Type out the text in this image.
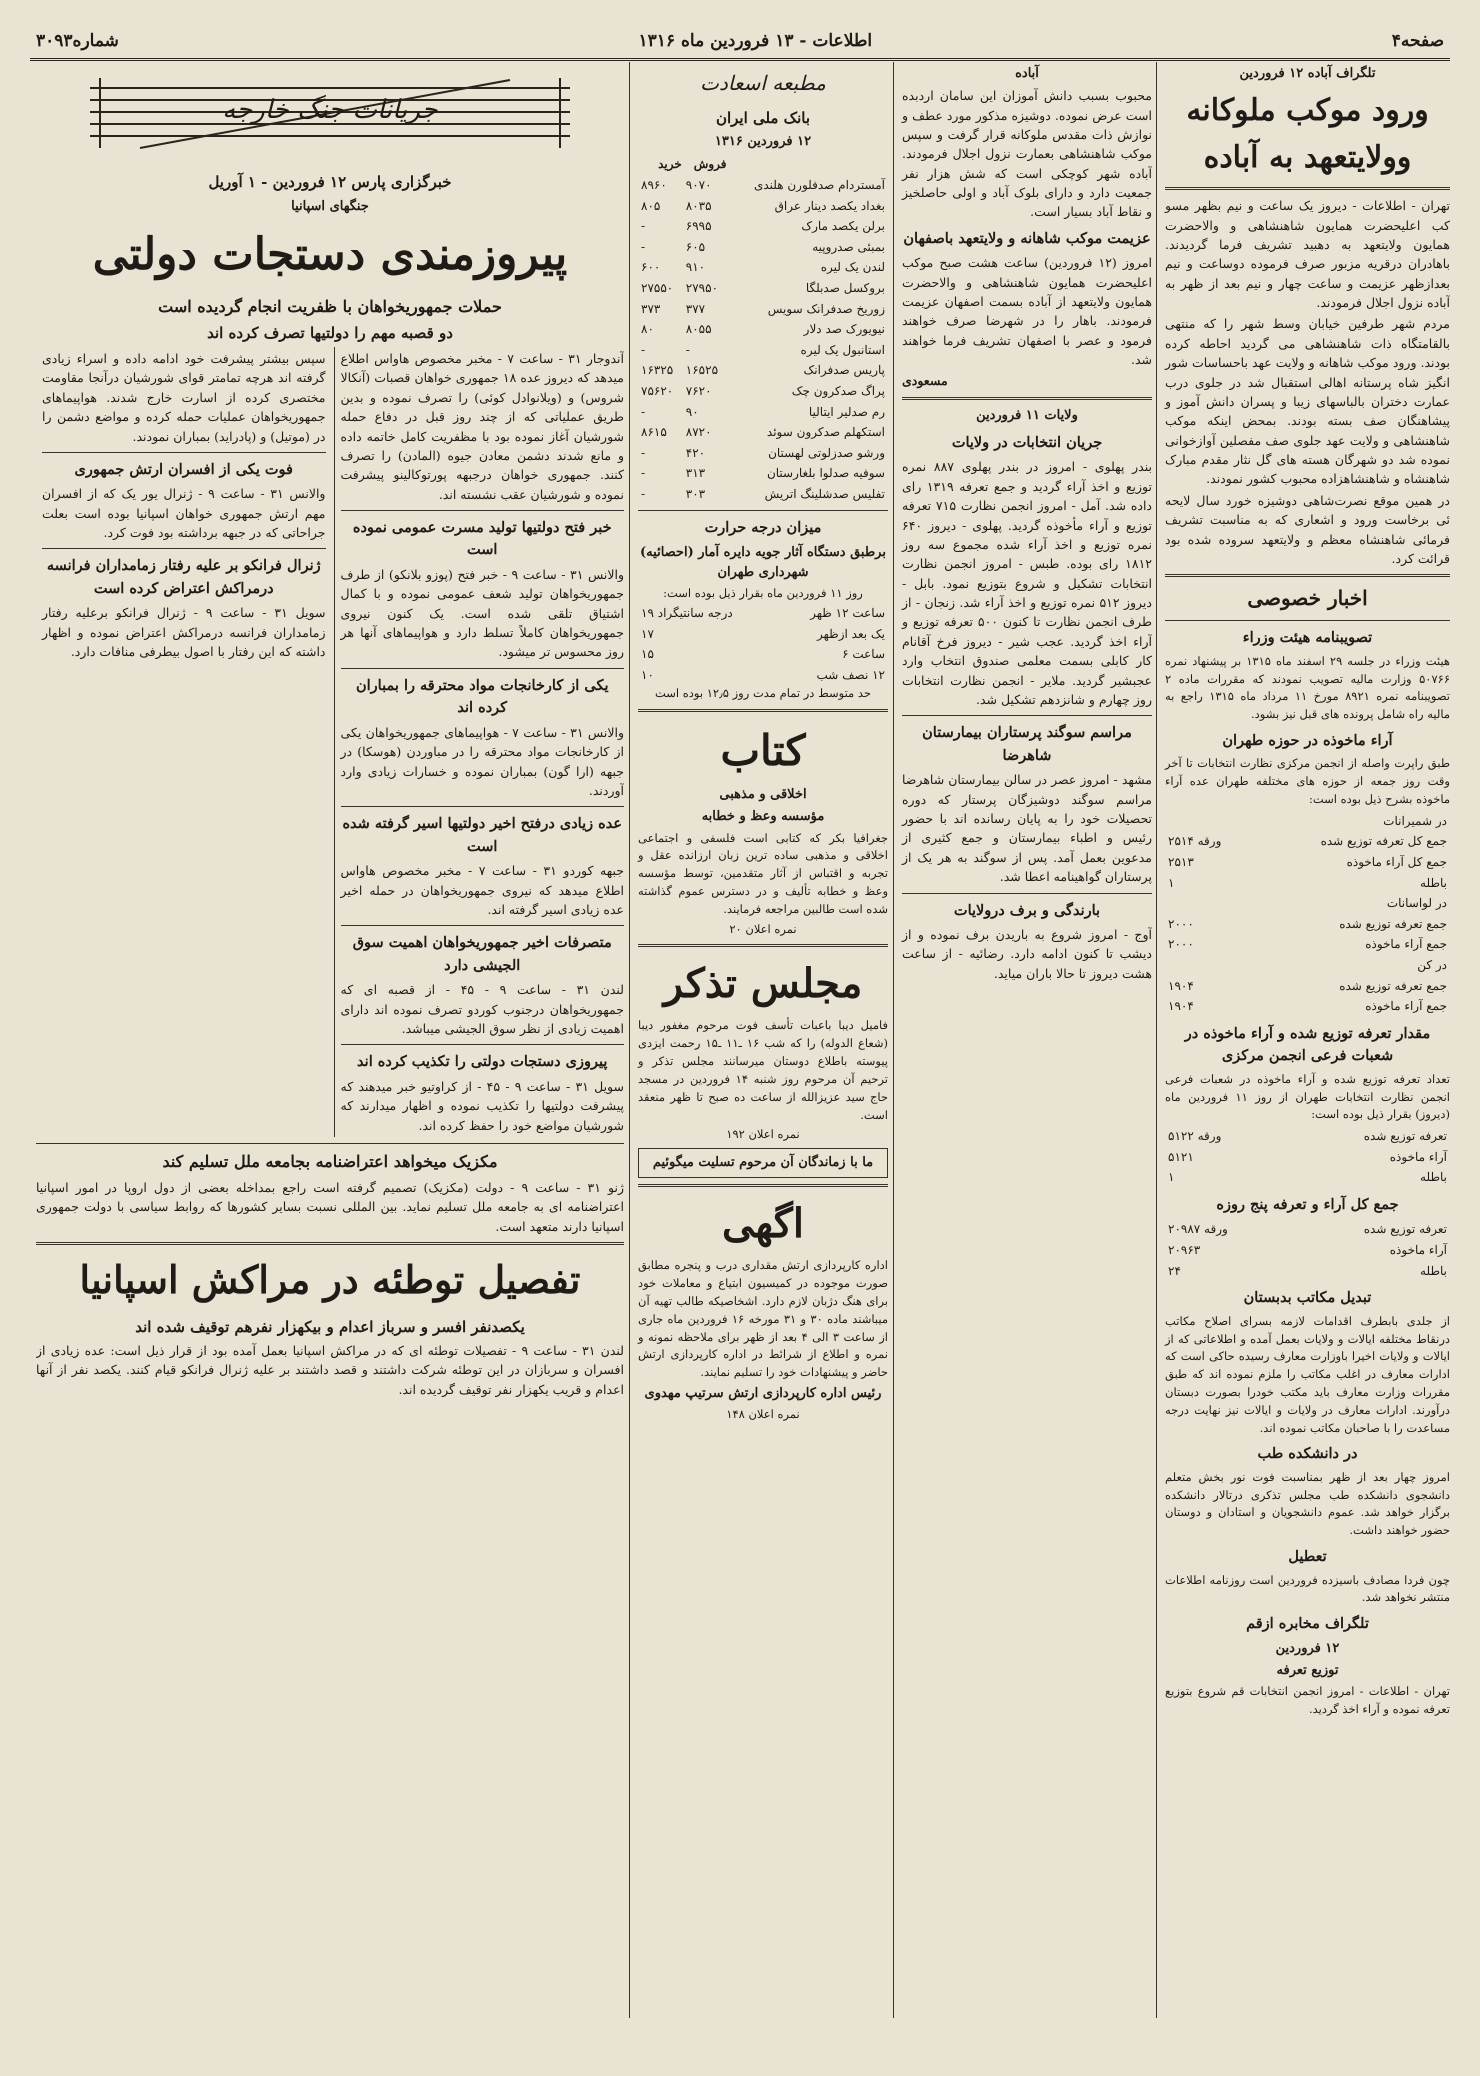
صفحه۴
اطلاعات - ۱۳ فروردین ماه ۱۳۱۶
شماره۳۰۹۳
تلگراف آباده ۱۲ فروردین
ورود موکب ملوکانه وولایتعهد به آباده

تهران - اطلاعات - دیروز یک ساعت و نیم بظهر مسو کب اعلیحضرت همایون شاهنشاهی و والاحضرت همایون ولایتعهد به دهبید تشریف فرما گردیدند. باهادران درقریه مزبور صرف فرموده دوساعت و نیم بعدازظهر عزیمت و ساعت چهار و نیم بعد از ظهر به آباده نزول اجلال فرمودند.

مردم شهر طرفین خیابان وسط شهر را که منتهی بالقامتگاه ذات شاهنشاهی می گردید احاطه کرده بودند. ورود موکب شاهانه و ولایت عهد باحساسات شور انگیز شاه پرستانه اهالی استقبال شد در جلوی درب عمارت دختران بالباسهای زیبا و پسران دانش آموز و پیشاهنگان صف بسته بودند. بمحض اینکه موکب شاهنشاهی و ولایت عهد جلوی صف مفصلین آوازخوانی نموده شد دو شهرگان هسته های گل نثار مقدم مبارک شاهنشاه و شاهنشاهزاده محبوب کشور نمودند.

در همین موقع نصرت‌شاهی دوشیزه خورد سال لایحه ئی برخاست ورود و اشعاری که به مناسبت تشریف فرمائی شاهنشاه معظم و ولایتعهد سروده شده بود قرائت کرد.

اخبار خصوصی
تصویبنامه هیئت وزراء

هیئت وزراء در جلسه ۲۹ اسفند ماه ۱۳۱۵ بر پیشنهاد نمره ۵۰۷۶۶ وزارت مالیه تصویب نمودند که مقررات ماده ۲ تصویبنامه نمره ۸۹۲۱ مورخ ۱۱ مرداد ماه ۱۳۱۵ راجع به مالیه راه شامل پرونده های قبل نیز بشود.

آراء ماخوذه در حوزه طهران

طبق راپرت واصله از انجمن مرکزی نظارت انتخابات تا آخر وقت روز جمعه از حوزه های مختلفه طهران عده آراء ماخوذه بشرح ذیل بوده است:

در شمیرانات	
جمع کل تعرفه توزیع شده	۲۵۱۴ ورقه
جمع کل آراء ماخوذه	۲۵۱۳
باطله	۱
در لواسانات	
جمع تعرفه توزیع شده	۲۰۰۰
جمع آراء ماخوذه	۲۰۰۰
در کن	
جمع تعرفه توزیع شده	۱۹۰۴
جمع آراء ماخوذه	۱۹۰۴
مقدار تعرفه توزیع شده و آراء ماخوذه در شعبات فرعی انجمن مرکزی

تعداد تعرفه توزیع شده و آراء ماخوذه در شعبات فرعی انجمن نظارت انتخابات طهران از روز ۱۱ فروردین ماه (دیروز) بقرار ذیل بوده است:

تعرفه توزیع شده	۵۱۲۲ ورقه
آراء ماخوذه	۵۱۲۱
باطله	۱
جمع کل آراء و تعرفه پنج روزه
تعرفه توزیع شده	۲۰۹۸۷ ورقه
آراء ماخوذه	۲۰۹۶۳
باطله	۲۴
تبدیل مکاتب بدبستان

از جلدی بابطرف اقدامات لازمه بسرای اصلاح مکاتب درنقاط مختلفه ایالات و ولایات بعمل آمده و اطلاعاتی که از ایالات و ولایات اخیرا باوزارت معارف رسیده حاکی است که ادارات معارف در اغلب مکاتب را ملزم نموده اند که طبق مقررات وزارت معارف باید مکتب خودرا بصورت دبستان درآورند. ادارات معارف در ولایات و ایالات نیز نهایت درجه مساعدت را با صاحبان مکاتب نموده اند.

در دانشکده طب

امروز چهار بعد از ظهر بمناسبت فوت نور بخش متعلم دانشجوی دانشکده طب مجلس تذکری درتالار دانشکده برگزار خواهد شد. عموم دانشجویان و استادان و دوستان حضور خواهند داشت.

تعطیل

چون فردا مصادف باسیزده فروردین است روزنامه اطلاعات منتشر نخواهد شد.

تلگراف مخابره ازقم
۱۲ فروردین
توزیع تعرفه

تهران - اطلاعات - امروز انجمن انتخابات قم شروع بتوزیع تعرفه نموده و آراء اخذ گردید.

آباده

محبوب بسبب دانش آموزان این سامان اردبده است عرض نموده. دوشیزه مذکور مورد عطف و نوازش ذات مقدس ملوکانه قرار گرفت و سپس موکب شاهنشاهی بعمارت نزول اجلال فرمودند. آباده شهر کوچکی است که شش هزار نفر جمعیت دارد و دارای بلوک آباد و اولی حاصلخیز و نقاط آباد بسیار است.

عزیمت موکب شاهانه و ولایتعهد باصفهان

امروز (۱۲ فروردین) ساعت هشت صبح موکب اعلیحضرت همایون شاهنشاهی و والاحضرت همایون ولایتعهد از آباده بسمت اصفهان عزیمت فرمودند. باهار را در شهرضا صرف خواهند فرمود و عصر با اصفهان تشریف فرما خواهند شد.

مسعودی
ولایات ۱۱ فروردین
جریان انتخابات در ولایات

بندر پهلوی - امروز در بندر پهلوی ۸۸۷ نمره توزیع و اخذ آراء گردید و جمع تعرفه ۱۳۱۹ رای داده شد. آمل - امروز انجمن نظارت ۷۱۵ تعرفه توزیع و آراء مأخوذه گردید. پهلوی - دیروز ۶۴۰ نمره توزیع و اخذ آراء شده مجموع سه روز ۱۸۱۲ رای بوده. طبس - امروز انجمن نظارت انتخابات تشکیل و شروع بتوزیع نمود. بابل - دیروز ۵۱۲ نمره توزیع و اخذ آراء شد. زنجان - از طرف انجمن نظارت تا کنون ۵۰۰ تعرفه توزیع و آراء اخذ گردید. عجب شیر - دیروز فرخ آقانام کار کابلی بسمت معلمی صندوق انتخاب وارد عجبشیر گردید. ملایر - انجمن نظارت انتخابات روز چهارم و شانزدهم تشکیل شد.

مراسم سوگند پرستاران بیمارستان شاهرضا

مشهد - امروز عصر در سالن بیمارستان شاهرضا مراسم سوگند دوشیزگان پرستار که دوره تحصیلات خود را به پایان رسانده اند با حضور رئیس و اطباء بیمارستان و جمع کثیری از مدعوین بعمل آمد. پس از سوگند به هر یک از پرستاران گواهینامه اعطا شد.

بارندگی و برف درولایات

آوج - امروز شروع به باریدن برف نموده و از دیشب تا کنون ادامه دارد. رضائیه - از ساعت هشت دیروز تا حالا باران میاید.

مطبعه اسعادت
بانک ملی ایران
۱۲ فروردین ۱۳۱۶
	فروش	خرید
آمستردام صدفلورن هلندی	۹۰۷۰	۸۹۶۰
بغداد یکصد دینار عراق	۸۰۳۵	۸۰۵
برلن یکصد مارک	۶۹۹۵	-
بمبئی صدروپیه	۶۰۵	-
لندن یک لیره	۹۱۰	۶۰۰
بروکسل صدبلگا	۲۷۹۵۰	۲۷۵۵۰
زوریخ صدفرانک سویس	۳۷۷	۳۷۳
نیویورک صد دلار	۸۰۵۵	۸۰
استانبول یک لیره	-	-
پاریس صدفرانک	۱۶۵۲۵	۱۶۳۲۵
پراگ صدکرون چک	۷۶۲۰	۷۵۶۲۰
رم صدلیر ایتالیا	۹۰	-
استکهلم صدکرون سوئد	۸۷۲۰	۸۶۱۵
ورشو صدزلوتی لهستان	۴۲۰	-
سوفیه صدلوا بلغارستان	۳۱۳	-
تفلیس صدشلینگ اتریش	۳۰۳	-
میزان درجه حرارت
برطبق دستگاه آثار جویه دایره آمار (احصائیه) شهرداری طهران
روز ۱۱ فروردین ماه بقرار ذیل بوده است:
ساعت ۱۲ ظهر	۱۹ درجه سانتیگراد
یک بعد ازظهر	۱۷
ساعت ۶	۱۵
۱۲ نصف شب	۱۰
حد متوسط در تمام مدت روز ۱۲٫۵ بوده است
کتاب
اخلاقی و مذهبی
مؤسسه وعظ و خطابه

جغرافیا بکر که کتابی است فلسفی و اجتماعی اخلاقی و مذهبی ساده ترین زبان ارزانده عقل و تجربه و اقتباس از آثار متقدمین، توسط مؤسسه وعظ و خطابه تألیف و در دسترس عموم گذاشته شده است طالبین مراجعه فرمایند.

نمره اعلان ۲۰
مجلس تذکر

فامیل دیبا باعبات تأسف فوت مرحوم مغفور دیبا (شعاع الدوله) را که شب ۱۶ ـ۱۱ ـ۱۵ رحمت ایزدی پیوسته باطلاع دوستان میرسانند مجلس تذکر و ترحیم آن مرحوم روز شنبه ۱۴ فروردین در مسجد حاج سید عزیزالله از ساعت ده صبح تا ظهر منعقد است.

نمره اعلان ۱۹۲
ما با زماندگان آن مرحوم تسلیت میگوئیم
اگهی

اداره کارپردازی ارتش مقداری درب و پنجره مطابق صورت موجوده در کمیسیون ابتیاع و معاملات خود برای هنگ دژبان لازم دارد. اشخاصیکه طالب تهیه آن میباشند ماده ۳۰ و ۳۱ مورخه ۱۶ فروردین ماه جاری از ساعت ۳ الی ۴ بعد از ظهر برای ملاحظه نمونه و نمره و اطلاع از شرائط در اداره کارپردازی ارتش حاضر و پیشنهادات خود را تسلیم نمایند.

رئیس اداره کارپردازی ارتش سرتیپ مهدوی
نمره اعلان ۱۴۸
جریانات جنگ خارجه
خبرگزاری پارس ۱۲ فروردین - ۱ آوریل
جنگهای اسپانیا
پیروزمندی دستجات دولتی
حملات جمهوریخواهان با ظفریت انجام گردیده است
دو قصبه مهم را دولتیها تصرف کرده اند

آندوجار ۳۱ - ساعت ۷ - مخبر مخصوص هاواس اطلاع میدهد که دیروز عده ۱۸ جمهوری خواهان قصبات (آنکالا شروس) و (ویلانوادل کوئی) را تصرف نموده و بدین طریق عملیاتی که از چند روز قبل در دفاع حمله شورشیان آغاز نموده بود با مظفریت کامل خاتمه داده و مانع شدند دشمن معادن جیوه (المادن) را تصرف کنند. جمهوری خواهان درجبهه پورتوکالینو پیشرفت نموده و شورشیان عقب نشسته اند.

خبر فتح دولتیها تولید مسرت عمومی نموده است

والانس ۳۱ - ساعت ۹ - خبر فتح (پوزو بلانکو) از طرف جمهوریخواهان تولید شعف عمومی نموده و با کمال اشتیاق تلقی شده است. یک کنون نیروی جمهوریخواهان کاملاً تسلط دارد و هواپیماهای آنها هر روز محسوس تر میشود.

یکی از کارخانجات مواد محترقه را بمباران کرده اند

والانس ۳۱ - ساعت ۷ - هواپیماهای جمهوریخواهان یکی از کارخانجات مواد محترقه را در مباوردن (هوسکا) در جبهه (ارا گون) بمباران نموده و خسارات زیادی وارد آوردند.

عده زیادی درفتح اخیر دولتیها اسیر گرفته شده است

جبهه کوردو ۳۱ - ساعت ۷ - مخبر مخصوص هاواس اطلاع میدهد که نیروی جمهوریخواهان در حمله اخیر عده زیادی اسیر گرفته اند.

متصرفات اخیر جمهوریخواهان اهمیت سوق الجیشی دارد

لندن ۳۱ - ساعت ۹ - ۴۵ - از قصبه ای که جمهوریخواهان درجنوب کوردو تصرف نموده اند دارای اهمیت زیادی از نظر سوق الجیشی میباشد.

پیروزی دستجات دولتی را تکذیب کرده اند

سویل ۳۱ - ساعت ۹ - ۴۵ - از کراوتیو خبر میدهند که پیشرفت دولتیها را تکذیب نموده و اظهار میدارند که شورشیان مواضع خود را حفظ کرده اند.

سپس بیشتر پیشرفت خود ادامه داده و اسراء زیادی گرفته اند هرچه تمامتر قوای شورشیان درآنجا مقاومت مختصری کرده از اسارت خارج شدند. هواپیماهای جمهوریخواهان عملیات حمله کرده و مواضع دشمن را در (موتیل) و (پادراید) بمباران نمودند.

فوت یکی از افسران ارتش جمهوری

والانس ۳۱ - ساعت ۹ - ژنرال یور یک که از افسران مهم ارتش جمهوری خواهان اسپانیا بوده است بعلت جراحاتی که در جبهه برداشته بود فوت کرد.

ژنرال فرانکو بر علیه رفتار زمامداران فرانسه درمراکش اعتراض کرده است

سویل ۳۱ - ساعت ۹ - ژنرال فرانکو برعلیه رفتار زمامداران فرانسه درمراکش اعتراض نموده و اظهار داشته که این رفتار با اصول بیطرفی منافات دارد.

مکزیک میخواهد اعتراضنامه بجامعه ملل تسلیم کند

ژنو ۳۱ - ساعت ۹ - دولت (مکزیک) تصمیم گرفته است راجع بمداخله بعضی از دول اروپا در امور اسپانیا اعتراضنامه ای به جامعه ملل تسلیم نماید. بین المللی نسبت بسایر کشورها که روابط سیاسی با دولت جمهوری اسپانیا دارند متعهد است.

تفصیل توطئه در مراکش اسپانیا
یکصدنفر افسر و سرباز اعدام و بیکهزار نفرهم توقیف شده اند

لندن ۳۱ - ساعت ۹ - تفصیلات توطئه ای که در مراکش اسپانیا بعمل آمده بود از قرار ذیل است: عده زیادی از افسران و سربازان در این توطئه شرکت داشتند و قصد داشتند بر علیه ژنرال فرانکو قیام کنند. یکصد نفر از آنها اعدام و قریب یکهزار نفر توقیف گردیده اند.
